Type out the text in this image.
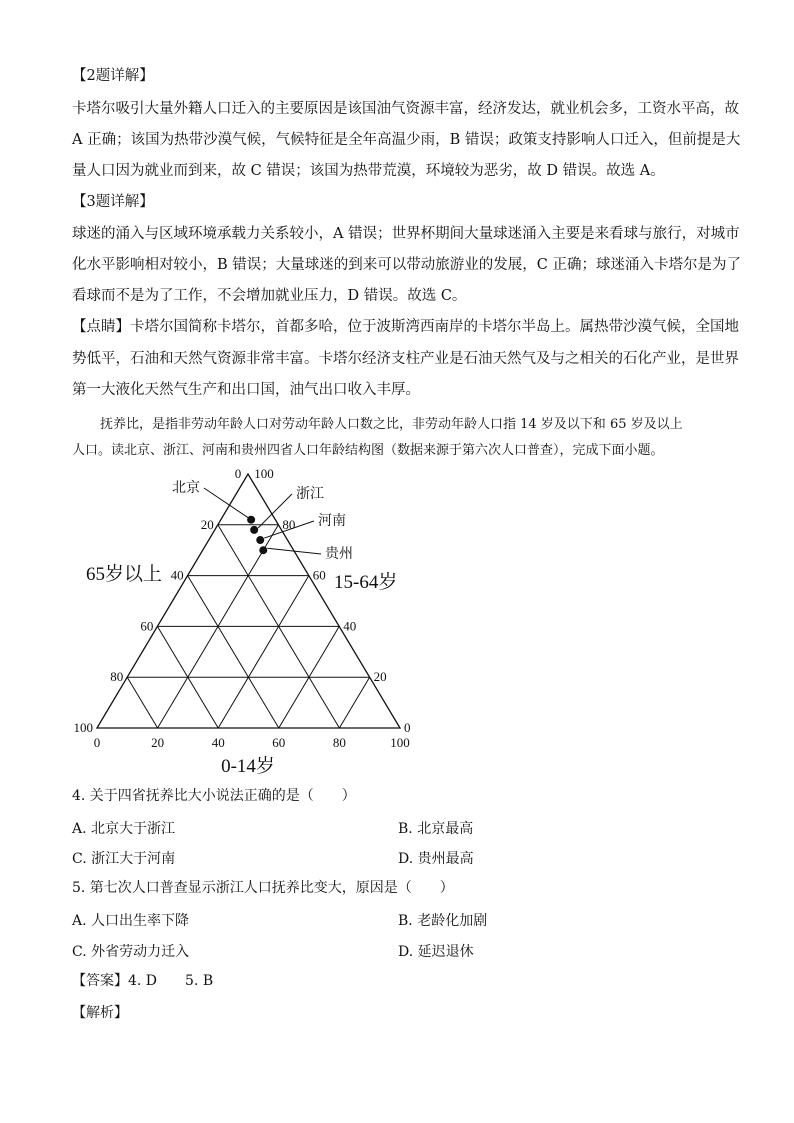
【2题详解】
卡塔尔吸引大量外籍人口迁入的主要原因是该国油气资源丰富，经济发达，就业机会多，工资水平高，故
A 正确；该国为热带沙漠气候，气候特征是全年高温少雨，B 错误；政策支持影响人口迁入，但前提是大
量人口因为就业而到来，故 C 错误；该国为热带荒漠，环境较为恶劣，故 D 错误。故选 A。
【3题详解】
球迷的涌入与区域环境承载力关系较小，A 错误；世界杯期间大量球迷涌入主要是来看球与旅行，对城市
化水平影响相对较小，B 错误；大量球迷的到来可以带动旅游业的发展，C 正确；球迷涌入卡塔尔是为了
看球而不是为了工作，不会增加就业压力，D 错误。故选 C。
【点睛】卡塔尔国简称卡塔尔，首都多哈，位于波斯湾西南岸的卡塔尔半岛上。属热带沙漠气候，全国地
势低平，石油和天然气资源非常丰富。卡塔尔经济支柱产业是石油天然气及与之相关的石化产业，是世界
第一大液化天然气生产和出口国，油气出口收入丰厚。
抚养比，是指非劳动年龄人口对劳动年龄人口数之比，非劳动年龄人口指 14 岁及以下和 65 岁及以上
人口。读北京、浙江、河南和贵州四省人口年龄结构图（数据来源于第六次人口普查），完成下面小题。
0	20	40	60	80	100
0
20
40
60
80
100
100
80
60
40
20
0
0-14岁
65岁以上	15-64岁
北京	浙江
河南
贵州
4. 关于四省抚养比大小说法正确的是（　　）
A. 北京大于浙江	B. 北京最高
C. 浙江大于河南	D. 贵州最高
5. 第七次人口普查显示浙江人口抚养比变大，原因是（　　）
A. 人口出生率下降	B. 老龄化加剧
C. 外省劳动力迁入	D. 延迟退休
【答案】4. D　　5. B
【解析】
